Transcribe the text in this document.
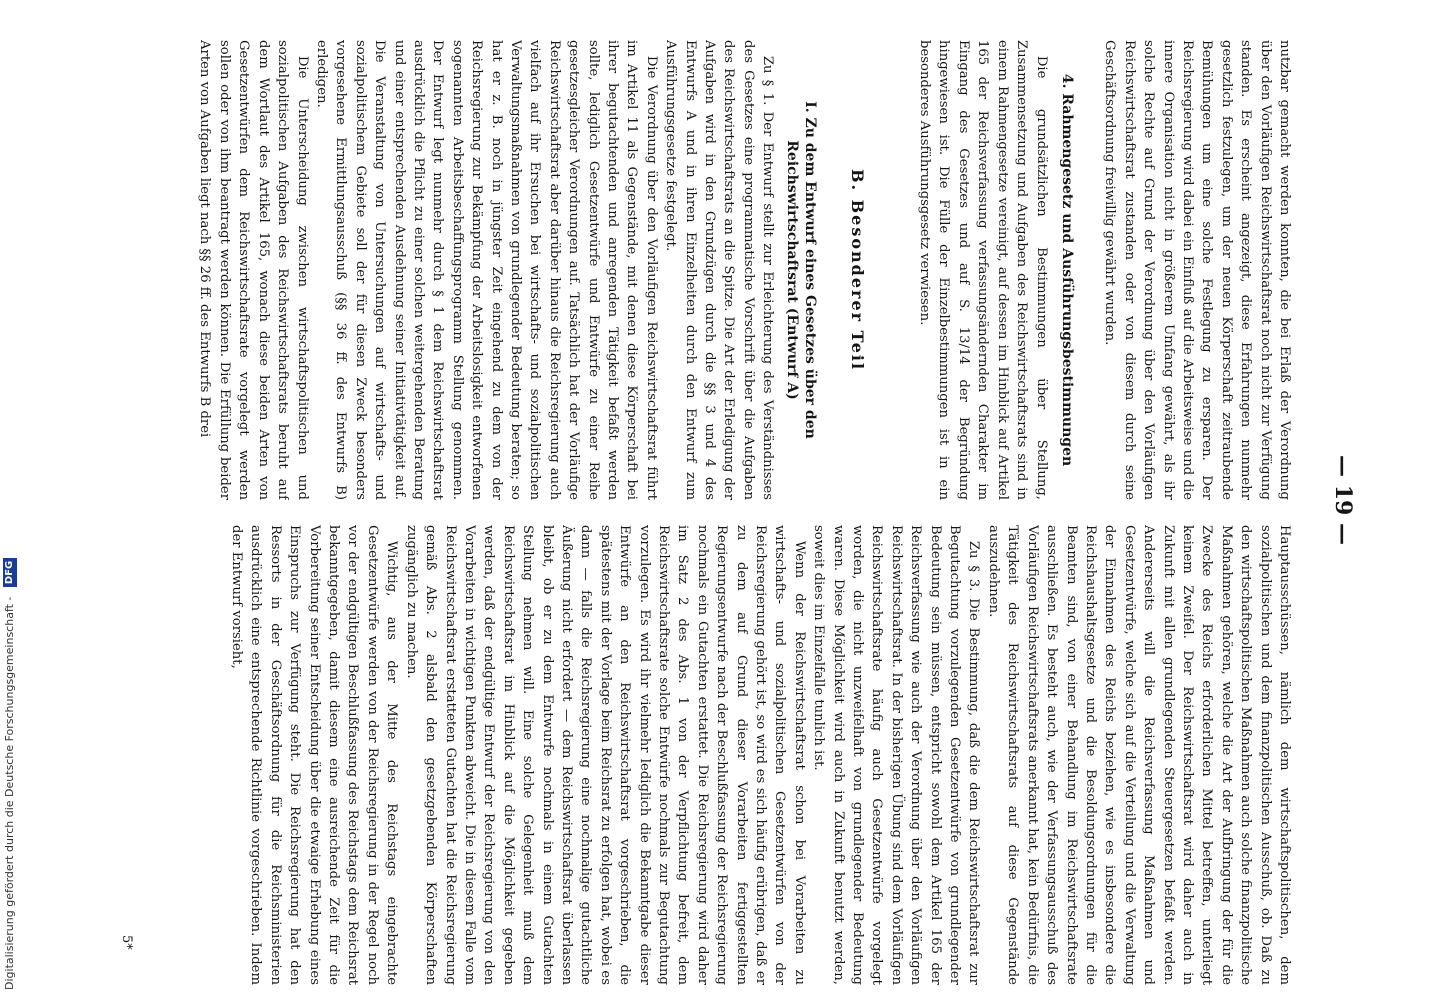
— 19 —

nutzbar gemacht werden konnten, die bei Erlaß der Verordnung über den Vorläufigen Reichswirtschaftsrat noch nicht zur Verfügung standen. Es erscheint angezeigt, diese Erfahrungen nunmehr gesetzlich festzulegen, um der neuen Körperschaft zeitraubende Bemühungen um eine solche Festlegung zu ersparen. Der Reichsregierung wird dabei ein Einfluß auf die Arbeitsweise und die innere Organisation nicht in größerem Umfang gewährt, als ihr solche Rechte auf Grund der Verordnung über den Vorläufigen Reichswirtschaftsrat zustanden oder von diesem durch seine Geschäftsordnung freiwillig gewährt wurden.

4. Rahmengesetz und Ausführungsbestimmungen

Die grundsätzlichen Bestimmungen über Stellung, Zusammensetzung und Aufgaben des Reichswirtschaftsrats sind in einem Rahmengesetze vereinigt, auf dessen im Hinblick auf Artikel 165 der Reichsverfassung verfassungsändernden Charakter im Eingang des Gesetzes und auf S. 13/14 der Begründung hingewiesen ist. Die Fülle der Einzelbestimmungen ist in ein besonderes Ausführungsgesetz verwiesen.

B. Besonderer Teil
I. Zu dem Entwurf eines Gesetzes über den Reichswirtschaftsrat (Entwurf A)

Zu § 1. Der Entwurf stellt zur Erleichterung des Verständnisses des Gesetzes eine programmatische Vorschrift über die Aufgaben des Reichswirtschaftsrats an die Spitze. Die Art der Erledigung der Aufgaben wird in den Grundzügen durch die §§ 3 und 4 des Entwurfs A und in ihren Einzelheiten durch den Entwurf zum Ausführungsgesetze festgelegt.

Die Verordnung über den Vorläufigen Reichswirtschaftsrat führt im Artikel 11 als Gegenstände, mit denen diese Körperschaft bei ihrer begutachtenden und anregenden Tätigkeit befaßt werden sollte, lediglich Gesetzentwürfe und Entwürfe zu einer Reihe gesetzesgleicher Verordnungen auf. Tatsächlich hat der Vorläufige Reichswirtschaftsrat aber darüber hinaus die Reichsregierung auch vielfach auf ihr Ersuchen bei wirtschafts- und sozialpolitischen Verwaltungsmaßnahmen von grundlegender Bedeutung beraten; so hat er z. B. noch in jüngster Zeit eingehend zu dem von der Reichsregierung zur Bekämpfung der Arbeitslosigkeit entworfenen sogenannten Arbeitsbeschaffungsprogramm Stellung genommen. Der Entwurf legt nunmehr durch § 1 dem Reichswirtschaftsrat ausdrücklich die Pflicht zu einer solchen weitergehenden Beratung und einer entsprechenden Ausdehnung seiner Initiativtätigkeit auf. Die Veranstaltung von Untersuchungen auf wirtschafts- und sozialpolitischem Gebiete soll der für diesen Zweck besonders vorgesehene Ermittlungsausschuß (§§ 36 ff. des Entwurfs B) erledigen.

Die Unterscheidung zwischen wirtschaftspolitischen und sozialpolitischen Aufgaben des Reichswirtschaftsrats beruht auf dem Wortlaut des Artikel 165, wonach diese beiden Arten von Gesetzentwürfen dem Reichswirtschaftsrate vorgelegt werden sollen oder von ihm beantragt werden können. Die Erfüllung beider Arten von Aufgaben liegt nach §§ 26 ff. des Entwurfs B drei

Hauptausschüssen, nämlich dem wirtschaftspolitischen, dem sozialpolitischen und dem finanzpolitischen Ausschuß, ob. Daß zu den wirtschaftspolitischen Maßnahmen auch solche finanzpolitische Maßnahmen gehören, welche die Art der Aufbringung der für die Zwecke des Reichs erforderlichen Mittel betreffen, unterliegt keinem Zweifel. Der Reichswirtschaftsrat wird daher auch in Zukunft mit allen grundlegenden Steuergesetzen befaßt werden. Andererseits will die Reichsverfassung Maßnahmen und Gesetzentwürfe, welche sich auf die Verteilung und die Verwaltung der Einnahmen des Reichs beziehen, wie es insbesondere die Reichshaushaltsgesetze und die Besoldungsordnungen für die Beamten sind, von einer Behandlung im Reichswirtschaftsrate ausschließen. Es besteht auch, wie der Verfassungsausschuß des Vorläufigen Reichswirtschaftsrats anerkannt hat, kein Bedürfnis, die Tätigkeit des Reichswirtschaftsrats auf diese Gegenstände auszudehnen.

Zu § 3. Die Bestimmung, daß die dem Reichswirtschaftsrat zur Begutachtung vorzulegenden Gesetzentwürfe von grundlegender Bedeutung sein müssen, entspricht sowohl dem Artikel 165 der Reichsverfassung wie auch der Verordnung über den Vorläufigen Reichswirtschaftsrat. In der bisherigen Übung sind dem Vorläufigen Reichswirtschaftsrate häufig auch Gesetzentwürfe vorgelegt worden, die nicht unzweifelhaft von grundlegender Bedeutung waren. Diese Möglichkeit wird auch in Zukunft benutzt werden, soweit dies im Einzelfalle tunlich ist.

Wenn der Reichswirtschaftsrat schon bei Vorarbeiten zu wirtschafts- und sozialpolitischen Gesetzentwürfen von der Reichsregierung gehört ist, so wird es sich häufig erübrigen, daß er zu dem auf Grund dieser Vorarbeiten fertiggestellten Regierungsentwurfe nach der Beschlußfassung der Reichsregierung nochmals ein Gutachten erstattet. Die Reichsregierung wird daher im Satz 2 des Abs. 1 von der Verpflichtung befreit, dem Reichswirtschaftsrate solche Entwürfe nochmals zur Begutachtung vorzulegen. Es wird ihr vielmehr lediglich die Bekanntgabe dieser Entwürfe an den Reichswirtschaftsrat vorgeschrieben, die spätestens mit der Vorlage beim Reichsrat zu erfolgen hat, wobei es dann — falls die Reichsregierung eine nochmalige gutachtliche Äußerung nicht erfordert — dem Reichswirtschaftsrat überlassen bleibt, ob er zu dem Entwurfe nochmals in einem Gutachten Stellung nehmen will. Eine solche Gelegenheit muß dem Reichswirtschaftsrat im Hinblick auf die Möglichkeit gegeben werden, daß der endgültige Entwurf der Reichsregierung von den Vorarbeiten in wichtigen Punkten abweicht. Die in diesem Falle vom Reichswirtschaftsrat erstatteten Gutachten hat die Reichsregierung gemäß Abs. 2 alsbald den gesetzgebenden Körperschaften zugänglich zu machen.

Wichtig, aus der Mitte des Reichstags eingebrachte Gesetzentwürfe werden von der Reichsregierung in der Regel noch vor der endgültigen Beschlußfassung des Reichstags dem Reichsrat bekanntgegeben, damit diesem eine ausreichende Zeit für die Vorbereitung seiner Entscheidung über die etwaige Erhebung eines Einspruchs zur Verfügung steht. Die Reichsregierung hat den Ressorts in der Geschäftsordnung für die Reichsministerien ausdrücklich eine entsprechende Richtlinie vorgeschrieben. Indem der Entwurf vorsieht,

5*
Digitalisierung gefördert durch die Deutsche Forschungsgemeinschaft - DFG
